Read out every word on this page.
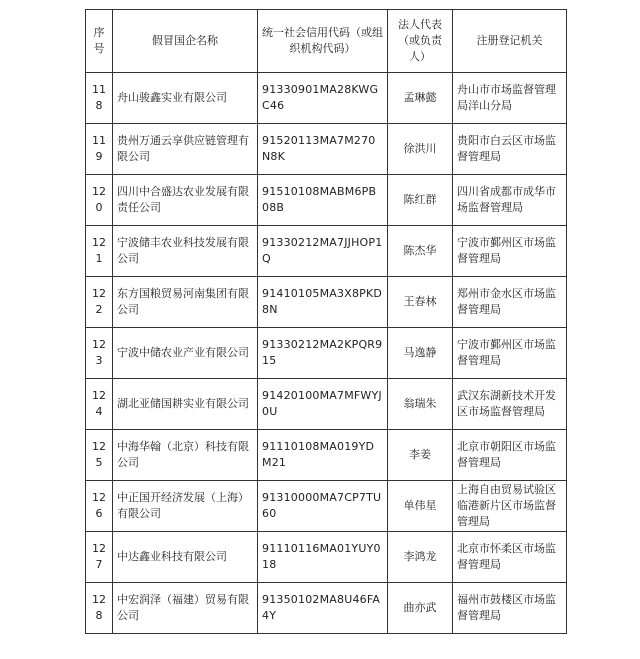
序号	假冒国企名称	统一社会信用代码（或组织机构代码）	法人代表（或负责人）	注册登记机关
118	舟山骏鑫实业有限公司	91330901MA28KWGC46	孟琳懿	舟山市市场监督管理局洋山分局
119	贵州万通云享供应链管理有限公司	91520113MA7M270N8K	徐洪川	贵阳市白云区市场监督管理局
120	四川中合盛达农业发展有限责任公司	91510108MABM6PB08B	陈红群	四川省成都市成华市场监督管理局
121	宁波储丰农业科技发展有限公司	91330212MA7JJHOP1Q	陈杰华	宁波市鄞州区市场监督管理局
122	东方国粮贸易河南集团有限公司	91410105MA3X8PKD8N	王春林	郑州市金水区市场监督管理局
123	宁波中储农业产业有限公司	91330212MA2KPQR915	马逸静	宁波市鄞州区市场监督管理局
124	湖北亚储国耕实业有限公司	91420100MA7MFWYJ0U	翁瑞朱	武汉东湖新技术开发区市场监督管理局
125	中海华翰（北京）科技有限公司	91110108MA019YDM21	李姜	北京市朝阳区市场监督管理局
126	中正国开经济发展（上海）有限公司	91310000MA7CP7TU60	单伟星	上海自由贸易试验区临港新片区市场监督管理局
127	中达鑫业科技有限公司	91110116MA01YUY018	李鸿龙	北京市怀柔区市场监督管理局
128	中宏润泽（福建）贸易有限公司	91350102MA8U46FA4Y	曲亦武	福州市鼓楼区市场监督管理局
